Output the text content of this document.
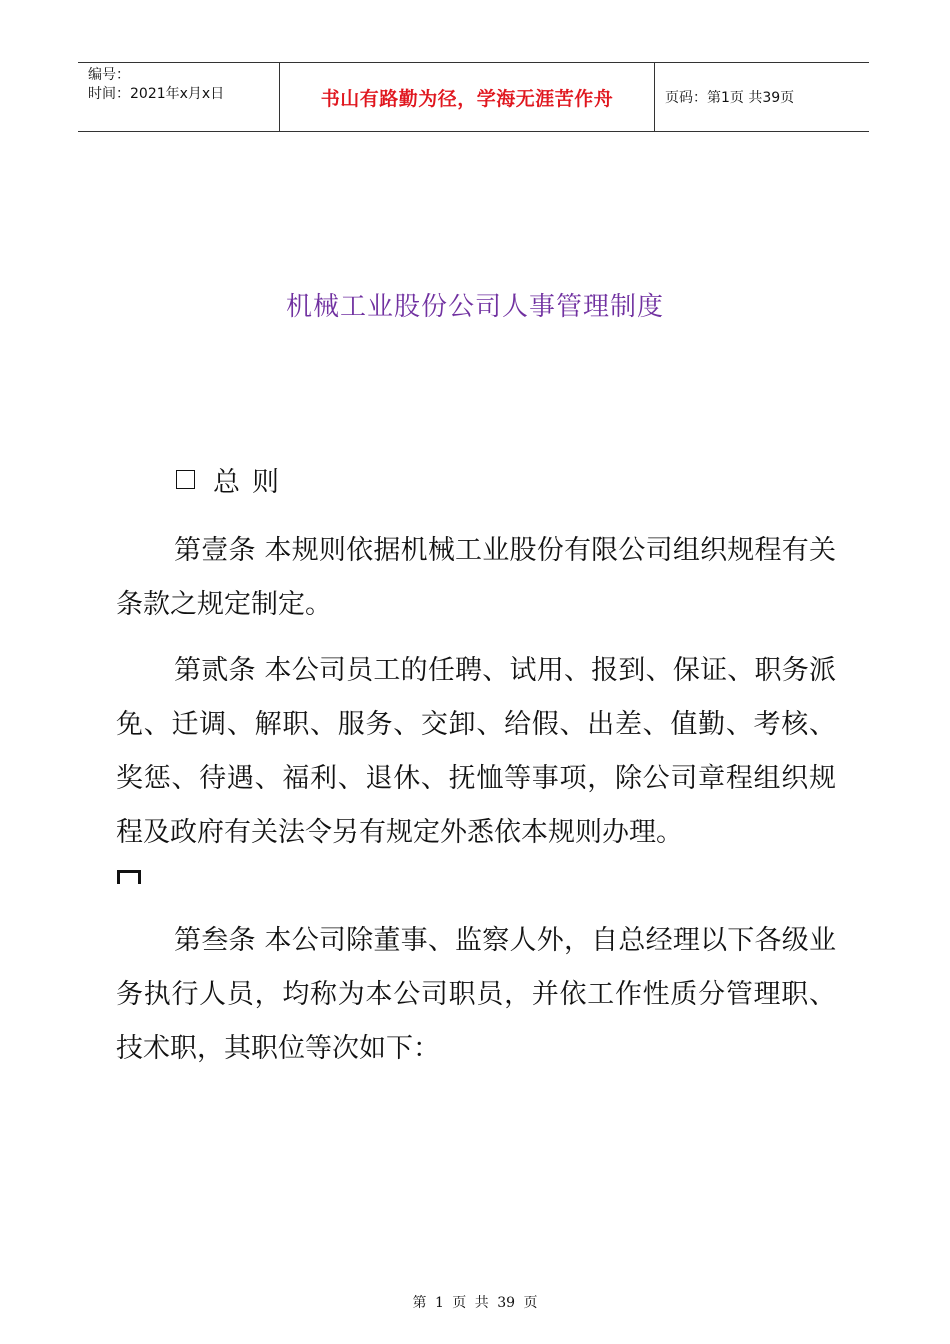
编号：
时间：2021年x月x日	书山有路勤为径，学海无涯苦作舟	页码：第1页 共39页
机械工业股份公司人事管理制度
总则
第壹条 本规则依据机械工业股份有限公司组织规程有关条款之规定制定。
第贰条 本公司员工的任聘、试用、报到、保证、职务派免、迁调、解职、服务、交卸、给假、出差、值勤、考核、奖惩、待遇、福利、退休、抚恤等事项，除公司章程组织规程及政府有关法令另有规定外悉依本规则办理。
第叁条 本公司除董事、监察人外，自总经理以下各级业务执行人员，均称为本公司职员，并依工作性质分管理职、技术职，其职位等次如下：
第 1 页 共 39 页
